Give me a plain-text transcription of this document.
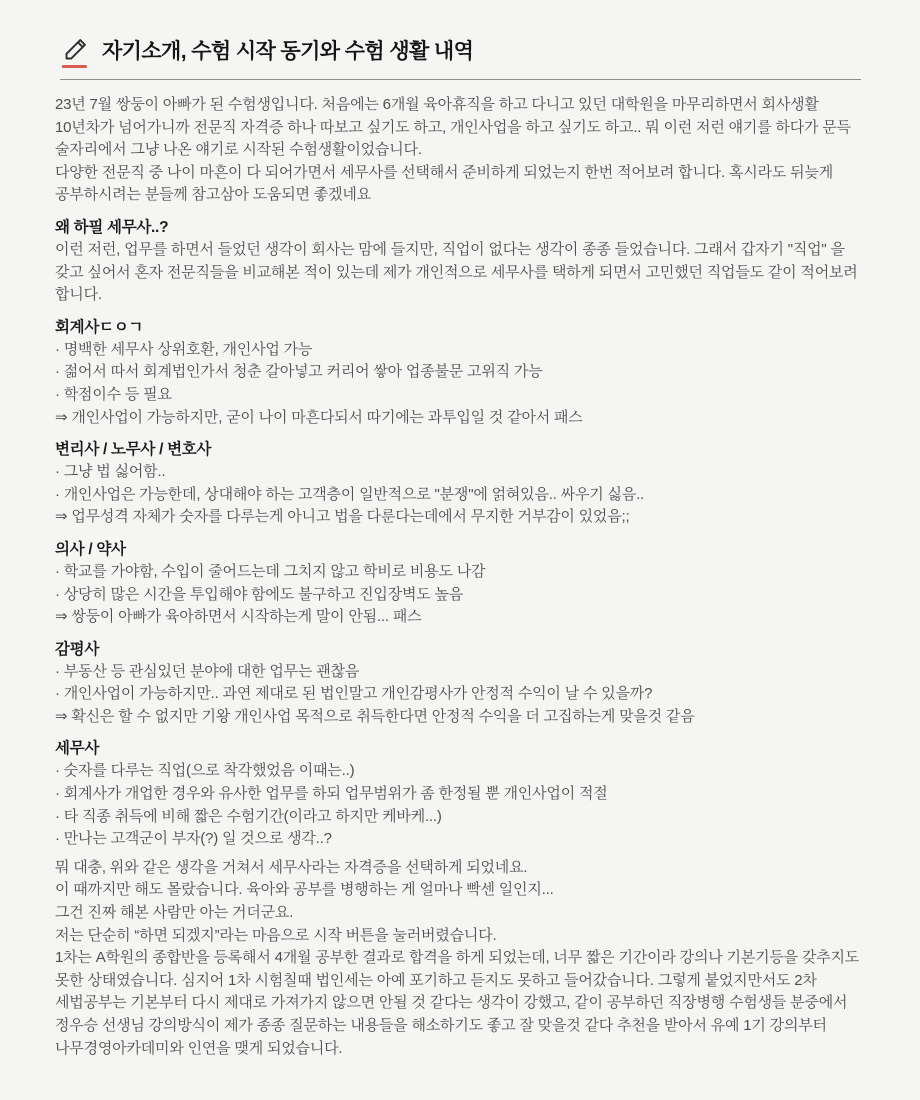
자기소개, 수험 시작 동기와 수험 생활 내역

23년 7월 쌍둥이 아빠가 된 수험생입니다. 처음에는 6개월 육아휴직을 하고 다니고 있던 대학원을 마무리하면서 회사생활 10년차가 넘어가니까 전문직 자격증 하나 따보고 싶기도 하고, 개인사업을 하고 싶기도 하고.. 뭐 이런 저런 얘기를 하다가 문득 술자리에서 그냥 나온 얘기로 시작된 수험생활이었습니다.

다양한 전문직 중 나이 마흔이 다 되어가면서 세무사를 선택해서 준비하게 되었는지 한번 적어보려 합니다. 혹시라도 뒤늦게 공부하시려는 분들께 참고삼아 도움되면 좋겠네요

왜 하필 세무사..?

이런 저런, 업무를 하면서 들었던 생각이 회사는 맘에 들지만, 직업이 없다는 생각이 종종 들었습니다. 그래서 갑자기 "직업" 을 갖고 싶어서 혼자 전문직들을 비교해본 적이 있는데 제가 개인적으로 세무사를 택하게 되면서 고민했던 직업들도 같이 적어보려 합니다.

회계사ㄷㅇㄱ

· 명백한 세무사 상위호환, 개인사업 가능

· 젊어서 따서 회계법인가서 청춘 갈아넣고 커리어 쌓아 업종불문 고위직 가능

· 학점이수 등 필요

⇒ 개인사업이 가능하지만, 굳이 나이 마흔다되서 따기에는 과투입일 것 같아서 패스

변리사 / 노무사 / 변호사

· 그냥 법 싫어함..

· 개인사업은 가능한데, 상대해야 하는 고객층이 일반적으로 "분쟁"에 얽혀있음.. 싸우기 싫음..

⇒ 업무성격 자체가 숫자를 다루는게 아니고 법을 다룬다는데에서 무지한 거부감이 있었음;;

의사 / 약사

· 학교를 가야함, 수입이 줄어드는데 그치지 않고 학비로 비용도 나감

· 상당히 많은 시간을 투입해야 함에도 불구하고 진입장벽도 높음

⇒ 쌍둥이 아빠가 육아하면서 시작하는게 말이 안됨... 패스

감평사

· 부동산 등 관심있던 분야에 대한 업무는 괜찮음

· 개인사업이 가능하지만.. 과연 제대로 된 법인말고 개인감평사가 안정적 수익이 날 수 있을까?

⇒ 확신은 할 수 없지만 기왕 개인사업 목적으로 취득한다면 안정적 수익을 더 고집하는게 맞을것 같음

세무사

· 숫자를 다루는 직업(으로 착각했었음 이때는..)

· 회계사가 개업한 경우와 유사한 업무를 하되 업무범위가 좀 한정될 뿐 개인사업이 적절

· 타 직종 취득에 비해 짧은 수험기간(이라고 하지만 케바케...)

· 만나는 고객군이 부자(?) 일 것으로 생각..?

뭐 대충, 위와 같은 생각을 거쳐서 세무사라는 자격증을 선택하게 되었네요.

이 때까지만 해도 몰랐습니다. 육아와 공부를 병행하는 게 얼마나 빡센 일인지...

그건 진짜 해본 사람만 아는 거더군요.

저는 단순히 “하면 되겠지”라는 마음으로 시작 버튼을 눌러버렸습니다.

1차는 A학원의 종합반을 등록해서 4개월 공부한 결과로 합격을 하게 되었는데, 너무 짧은 기간이라 강의나 기본기등을 갖추지도 못한 상태였습니다. 심지어 1차 시험칠때 법인세는 아예 포기하고 듣지도 못하고 들어갔습니다. 그렇게 붙었지만서도 2차 세법공부는 기본부터 다시 제대로 가져가지 않으면 안될 것 같다는 생각이 강했고, 같이 공부하던 직장병행 수험생들 분중에서 정우승 선생님 강의방식이 제가 종종 질문하는 내용들을 해소하기도 좋고 잘 맞을것 같다 추천을 받아서 유예 1기 강의부터 나무경영아카데미와 인연을 맺게 되었습니다.
